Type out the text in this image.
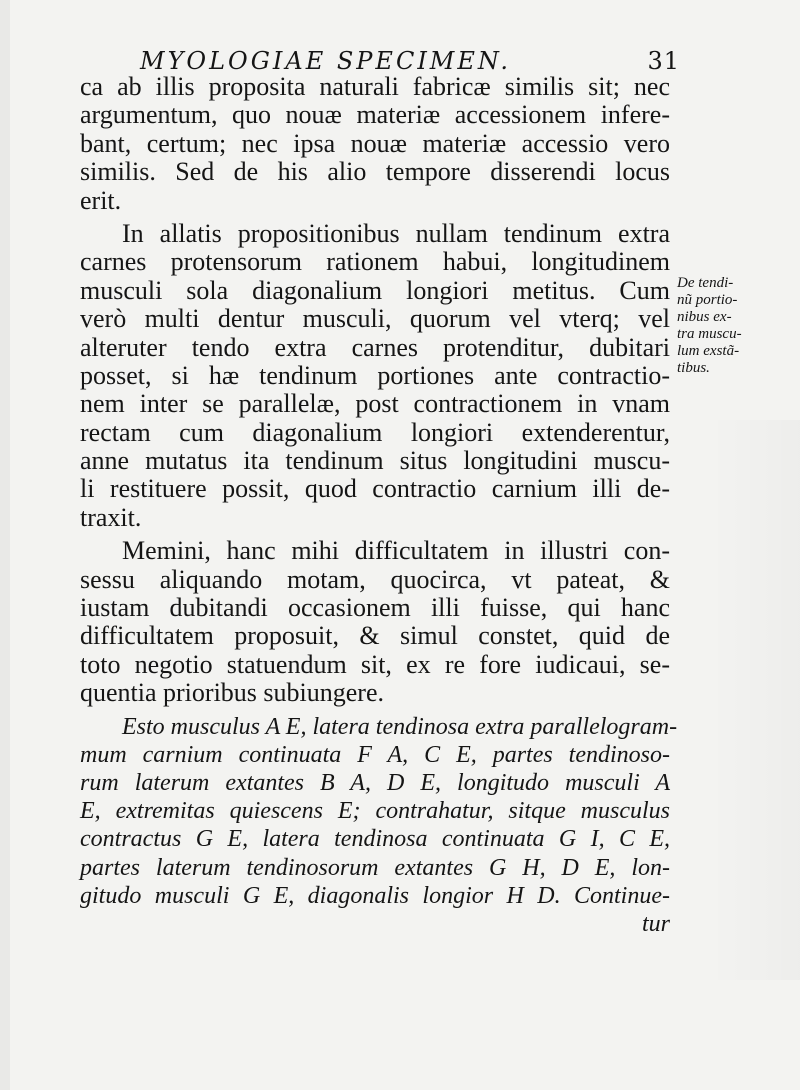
MYOLOGIAE SPECIMEN.	31
ca ab illis proposita naturali fabricæ similis sit; nec
argumentum, quo nouæ materiæ accessionem infere-
bant, certum; nec ipsa nouæ materiæ accessio vero
similis. Sed de his alio tempore disserendi locus
erit.
In allatis propositionibus nullam tendinum extra
carnes protensorum rationem habui, longitudinem
musculi sola diagonalium longiori metitus. Cum
verò multi dentur musculi, quorum vel vterq; vel
alteruter tendo extra carnes protenditur, dubitari
posset, si hæ tendinum portiones ante contractio-
nem inter se parallelæ, post contractionem in vnam
rectam cum diagonalium longiori extenderentur,
anne mutatus ita tendinum situs longitudini muscu-
li restituere possit, quod contractio carnium illi de-
traxit.
Memini, hanc mihi difficultatem in illustri con-
sessu aliquando motam, quocirca, vt pateat, &
iustam dubitandi occasionem illi fuisse, qui hanc
difficultatem proposuit, & simul constet, quid de
toto negotio statuendum sit, ex re fore iudicaui, se-
quentia prioribus subiungere.
Esto musculus A E, latera tendinosa extra parallelogram-
mum carnium continuata F A, C E, partes tendinoso-
rum laterum extantes B A, D E, longitudo musculi A
E, extremitas quiescens E; contrahatur, sitque musculus
contractus G E, latera tendinosa continuata G I, C E,
partes laterum tendinosorum extantes G H, D E, lon-
gitudo musculi G E, diagonalis longior H D. Continue-
tur
De tendi-
nũ portio-
nibus ex-
tra muscu-
lum exstã-
tibus.
